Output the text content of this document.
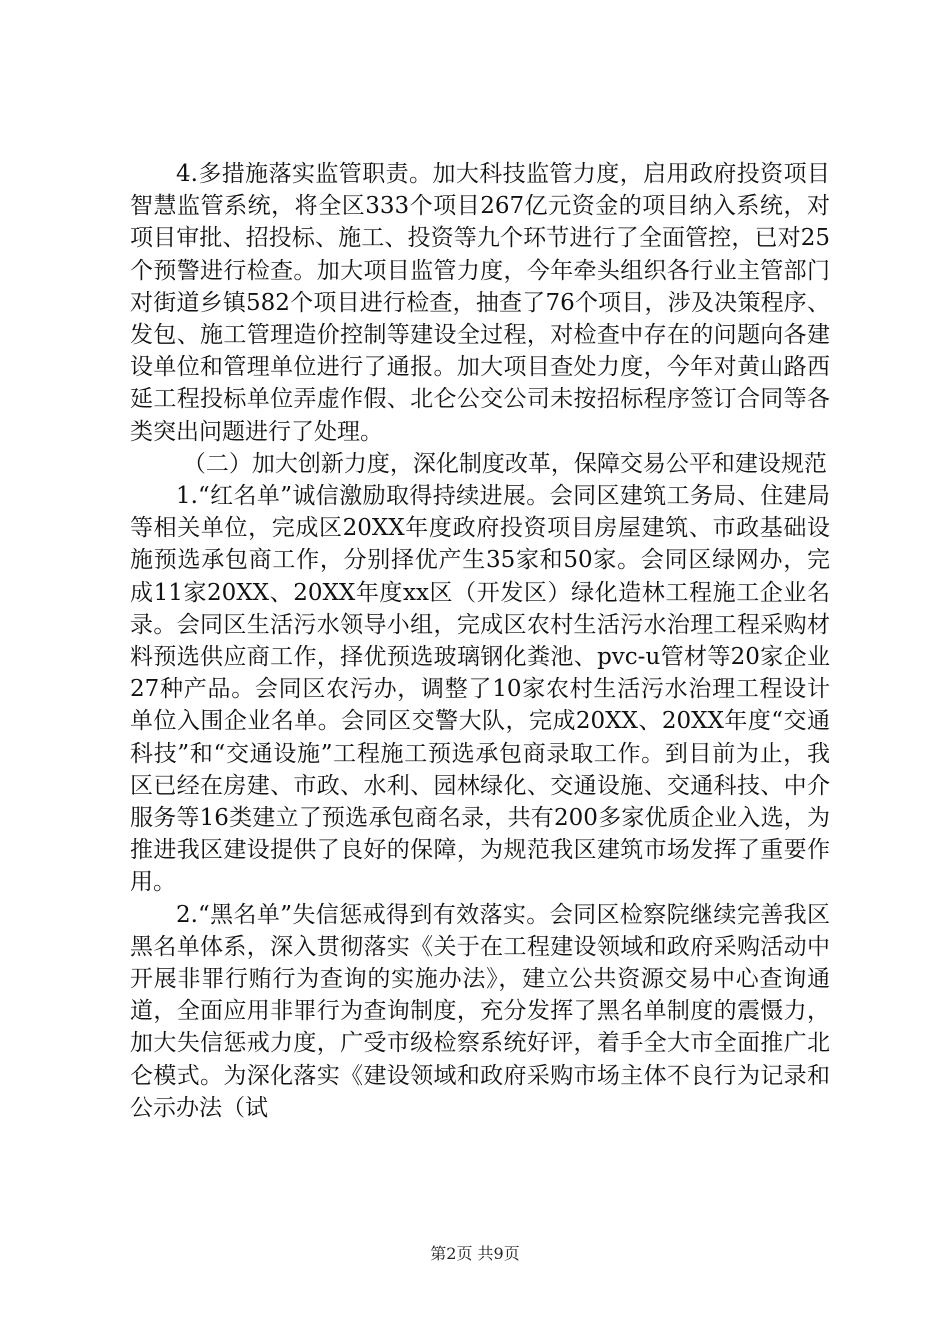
4.多措施落实监管职责。加大科技监管力度，启用政府投资项目智慧监管系统，将全区333个项目267亿元资金的项目纳入系统，对项目审批、招投标、施工、投资等九个环节进行了全面管控，已对25个预警进行检查。加大项目监管力度，今年牵头组织各行业主管部门对街道乡镇582个项目进行检查，抽查了76个项目，涉及决策程序、发包、施工管理造价控制等建设全过程，对检查中存在的问题向各建设单位和管理单位进行了通报。加大项目查处力度，今年对黄山路西延工程投标单位弄虚作假、北仑公交公司未按招标程序签订合同等各类突出问题进行了处理。

（二）加大创新力度，深化制度改革，保障交易公平和建设规范

1.“红名单”诚信激励取得持续进展。会同区建筑工务局、住建局等相关单位，完成区20XX年度政府投资项目房屋建筑、市政基础设施预选承包商工作，分别择优产生35家和50家。会同区绿网办，完成11家20XX、20XX年度xx区（开发区）绿化造林工程施工企业名录。会同区生活污水领导小组，完成区农村生活污水治理工程采购材料预选供应商工作，择优预选玻璃钢化粪池、pvc-u管材等20家企业27种产品。会同区农污办，调整了10家农村生活污水治理工程设计单位入围企业名单。会同区交警大队，完成20XX、20XX年度“交通科技”和“交通设施”工程施工预选承包商录取工作。到目前为止，我区已经在房建、市政、水利、园林绿化、交通设施、交通科技、中介服务等16类建立了预选承包商名录，共有200多家优质企业入选，为推进我区建设提供了良好的保障，为规范我区建筑市场发挥了重要作用。

2.“黑名单”失信惩戒得到有效落实。会同区检察院继续完善我区黑名单体系，深入贯彻落实《关于在工程建设领域和政府采购活动中开展非罪行贿行为查询的实施办法》，建立公共资源交易中心查询通道，全面应用非罪行为查询制度，充分发挥了黑名单制度的震慑力，加大失信惩戒力度，广受市级检察系统好评，着手全大市全面推广北仑模式。为深化落实《建设领域和政府采购市场主体不良行为记录和公示办法（试

第2页 共9页
